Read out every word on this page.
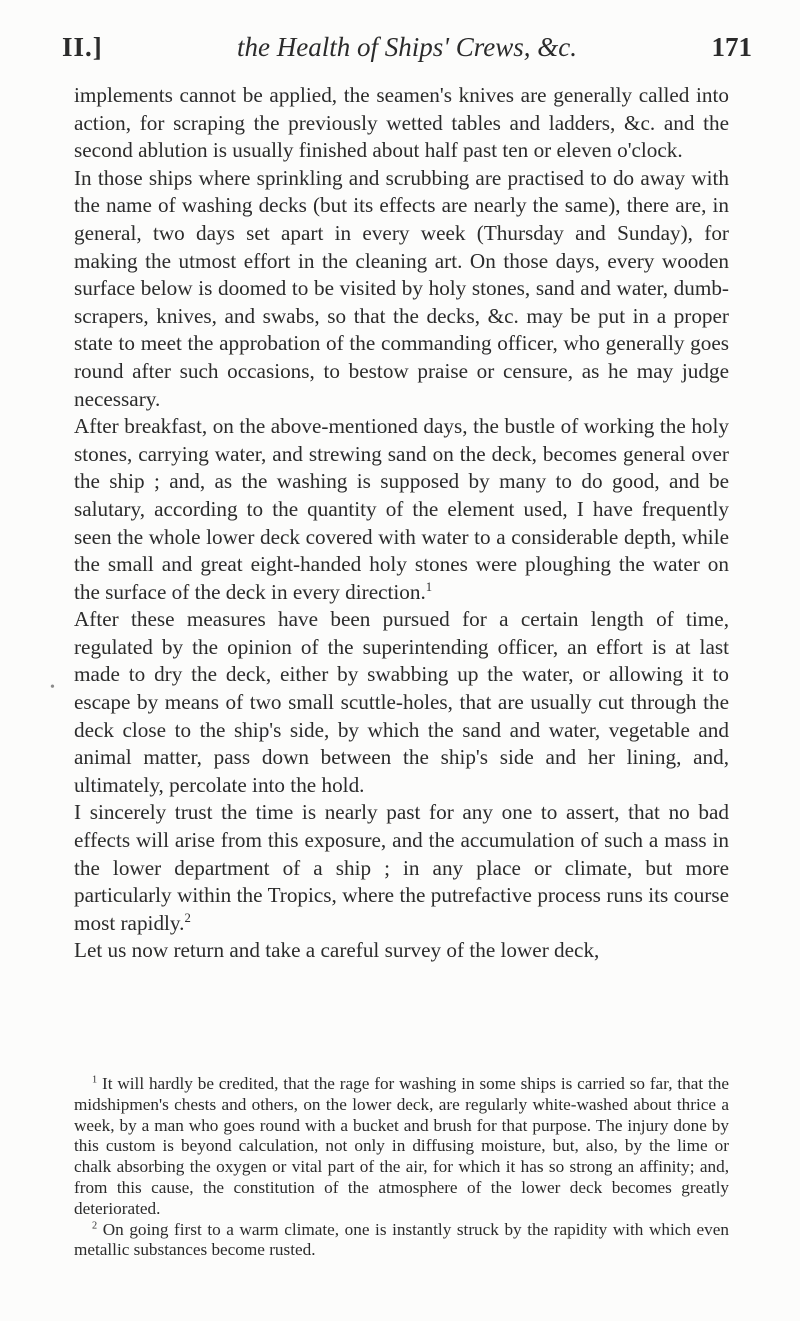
II.]	the Health of Ships' Crews, &c.	171

implements cannot be applied, the seamen's knives are generally called into action, for scraping the previously wetted tables and ladders, &c. and the second ablution is usually finished about half past ten or eleven o'clock.

In those ships where sprinkling and scrubbing are practised to do away with the name of washing decks (but its effects are nearly the same), there are, in general, two days set apart in every week (Thursday and Sunday), for making the utmost effort in the cleaning art. On those days, every wooden surface below is doomed to be visited by holy stones, sand and water, dumb-scrapers, knives, and swabs, so that the decks, &c. may be put in a proper state to meet the approbation of the commanding officer, who generally goes round after such occasions, to bestow praise or censure, as he may judge necessary.

After breakfast, on the above-mentioned days, the bustle of working the holy stones, carrying water, and strewing sand on the deck, becomes general over the ship ; and, as the washing is supposed by many to do good, and be salutary, according to the quantity of the element used, I have frequently seen the whole lower deck covered with water to a considerable depth, while the small and great eight-handed holy stones were ploughing the water on the surface of the deck in every direction.$^1$

After these measures have been pursued for a certain length of time, regulated by the opinion of the superintending officer, an effort is at last made to dry the deck, either by swabbing up the water, or allowing it to escape by means of two small scuttle-holes, that are usually cut through the deck close to the ship's side, by which the sand and water, vegetable and animal matter, pass down between the ship's side and her lining, and, ultimately, percolate into the hold.

I sincerely trust the time is nearly past for any one to assert, that no bad effects will arise from this exposure, and the accumulation of such a mass in the lower department of a ship ; in any place or climate, but more particularly within the Tropics, where the putrefactive process runs its course most rapidly.$^2$

Let us now return and take a careful survey of the lower deck,

$^1$ It will hardly be credited, that the rage for washing in some ships is carried so far, that the midshipmen's chests and others, on the lower deck, are regularly white-washed about thrice a week, by a man who goes round with a bucket and brush for that purpose. The injury done by this custom is beyond calculation, not only in diffusing moisture, but, also, by the lime or chalk absorbing the oxygen or vital part of the air, for which it has so strong an affinity; and, from this cause, the constitution of the atmosphere of the lower deck becomes greatly deteriorated.

$^2$ On going first to a warm climate, one is instantly struck by the rapidity with which even metallic substances become rusted.

•
